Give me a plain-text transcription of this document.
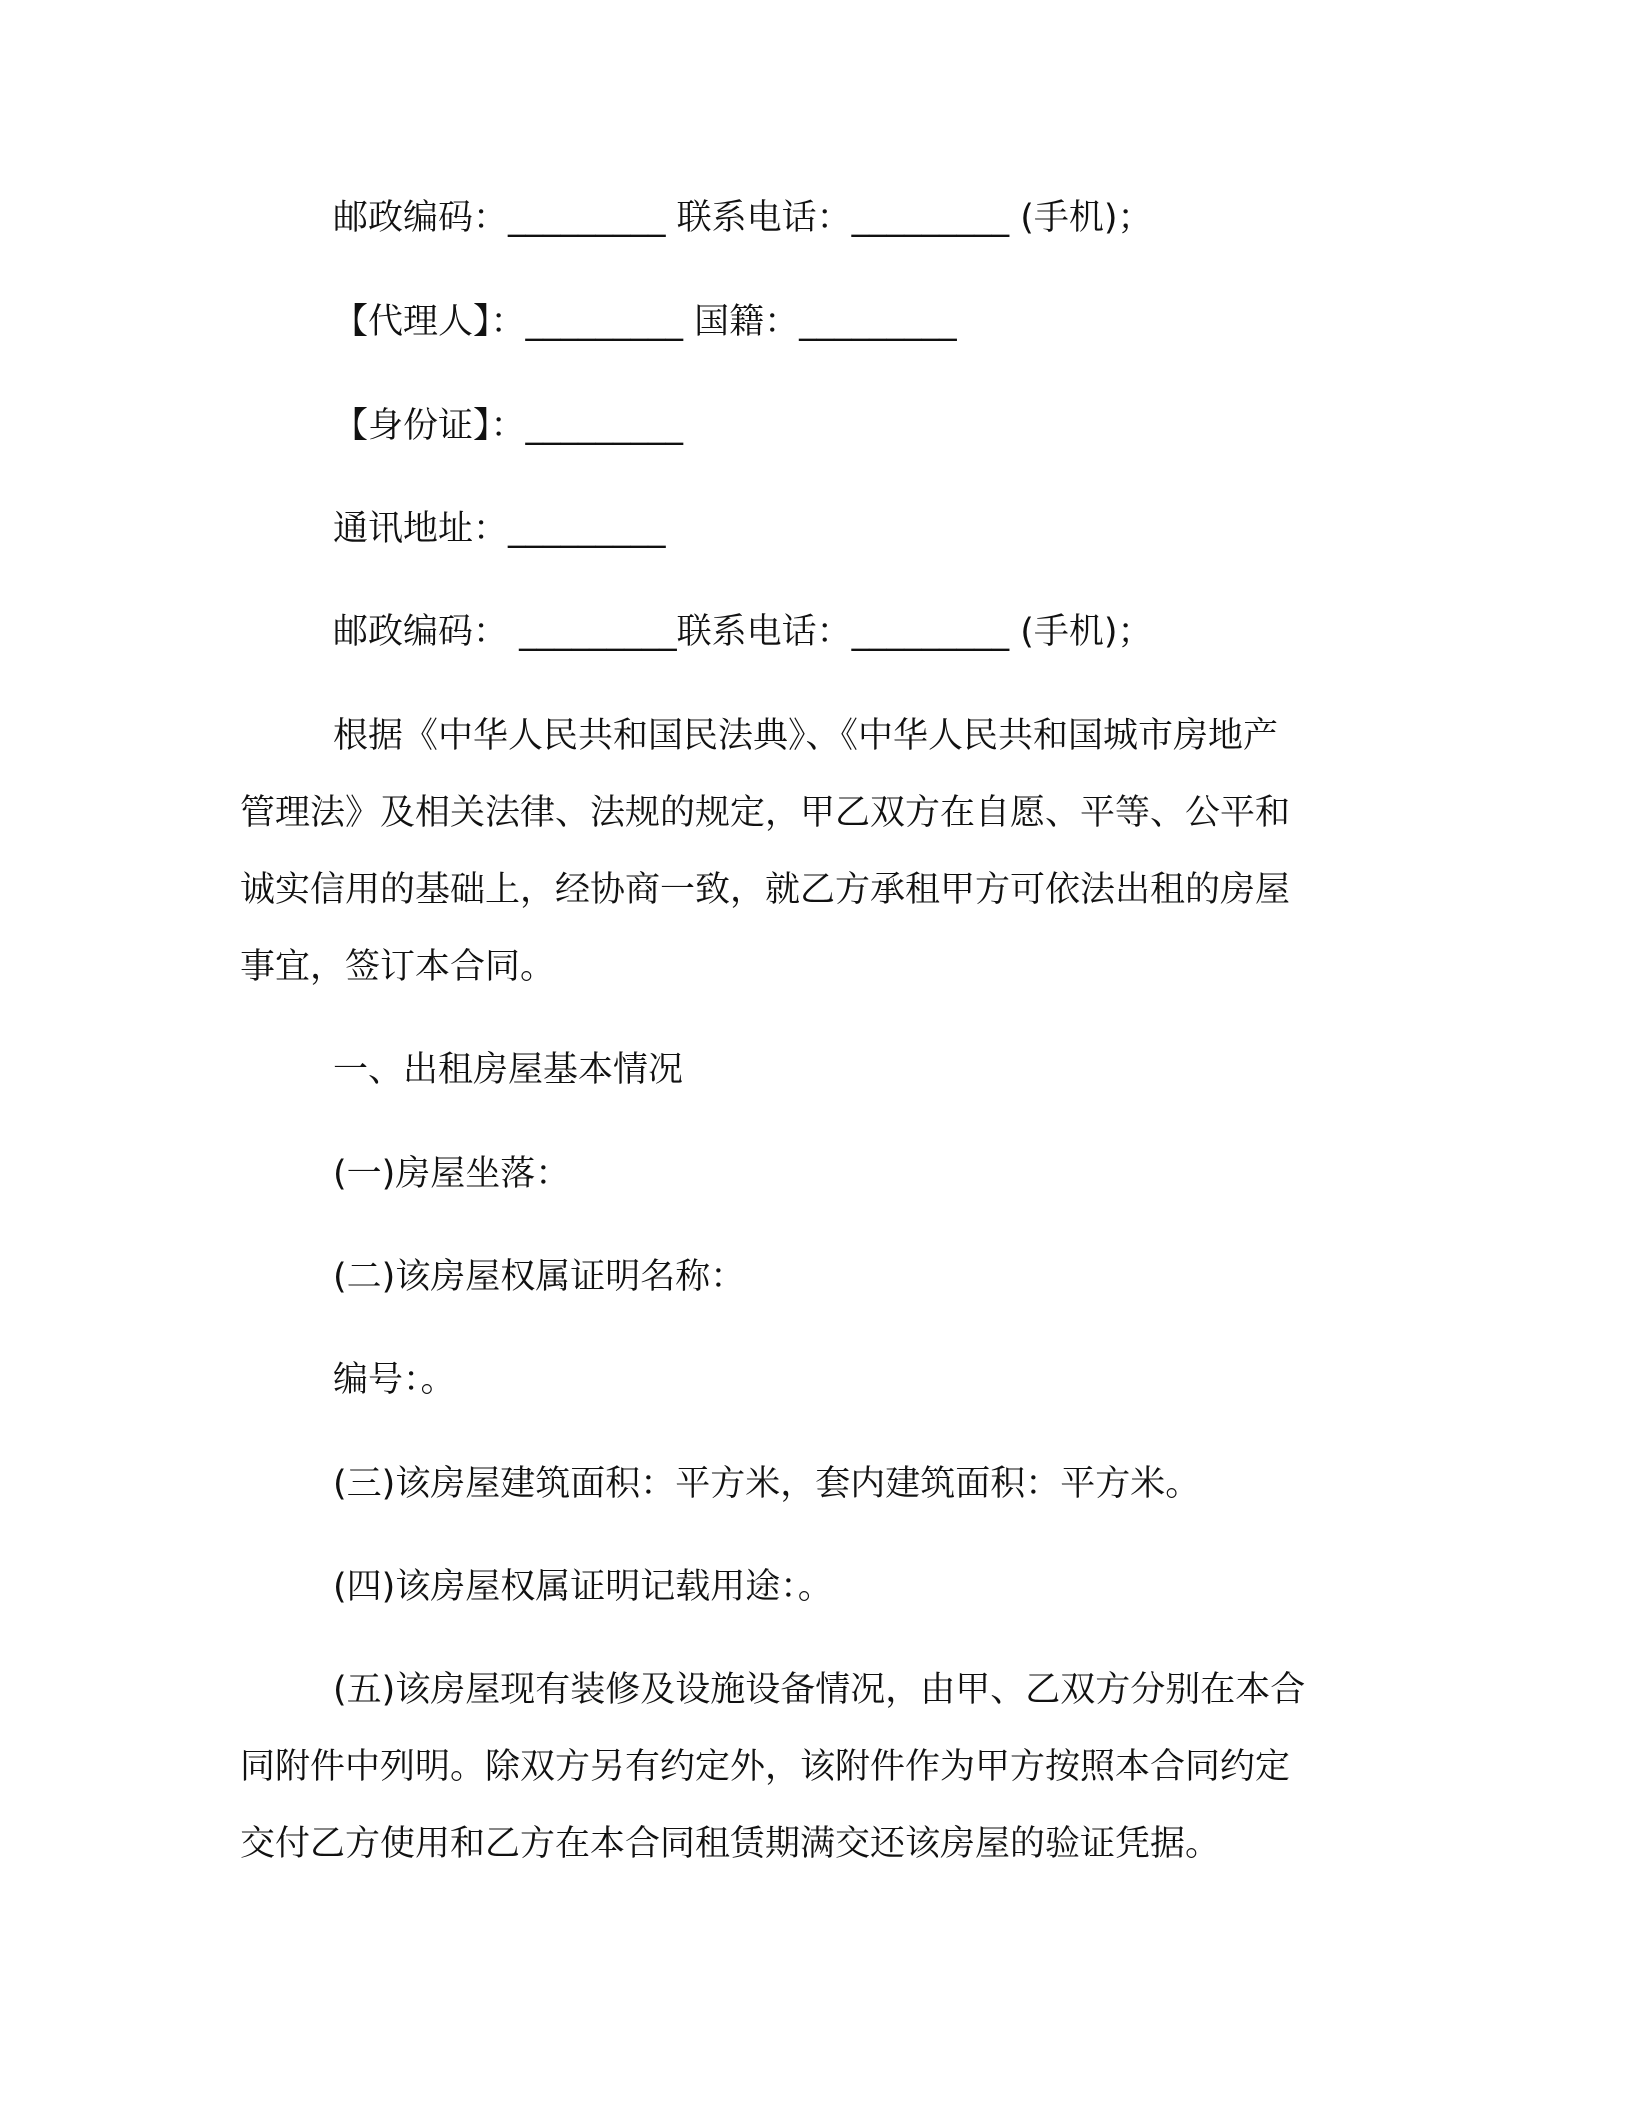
邮政编码：_________ 联系电话：_________ (手机)；
【代理人】：_________ 国籍：_________
【身份证】：_________
通讯地址：_________
邮政编码： _________联系电话：_________ (手机)；
根据《中华人民共和国民法典》、《中华人民共和国城市房地产
管理法》及相关法律、法规的规定，甲乙双方在自愿、平等、公平和
诚实信用的基础上，经协商一致，就乙方承租甲方可依法出租的房屋
事宜，签订本合同。
一、出租房屋基本情况
(一)房屋坐落：
(二)该房屋权属证明名称：
编号：。
(三)该房屋建筑面积：平方米，套内建筑面积：平方米。
(四)该房屋权属证明记载用途：。
(五)该房屋现有装修及设施设备情况，由甲、乙双方分别在本合
同附件中列明。除双方另有约定外，该附件作为甲方按照本合同约定
交付乙方使用和乙方在本合同租赁期满交还该房屋的验证凭据。
